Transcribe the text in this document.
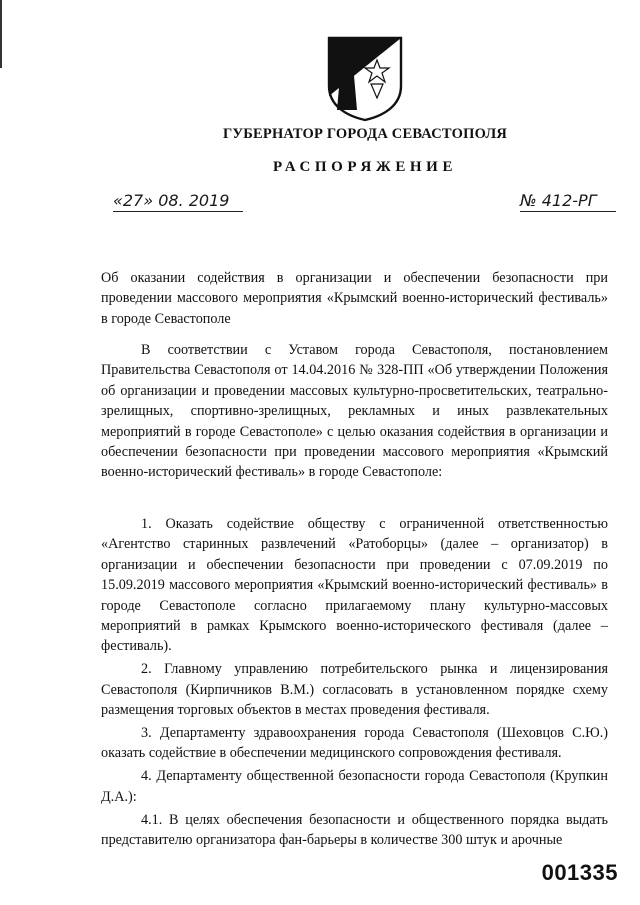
ГУБЕРНАТОР ГОРОДА СЕВАСТОПОЛЯ
РАСПОРЯЖЕНИЕ
«27» 08. 2019	№ 412-РГ

Об оказании содействия в организации и обеспечении безопасности при проведении массового мероприятия «Крымский военно-исторический фестиваль» в городе Севастополе

В соответствии с Уставом города Севастополя, постановлением Правительства Севастополя от 14.04.2016 № 328-ПП «Об утверждении Положения об организации и проведении массовых культурно-просветительских, театрально-зрелищных, спортивно-зрелищных, рекламных и иных развлекательных мероприятий в городе Севастополе» с целью оказания содействия в организации и обеспечении безопасности при проведении массового мероприятия «Крымский военно-исторический фестиваль» в городе Севастополе:

1. Оказать содействие обществу с ограниченной ответственностью «Агентство старинных развлечений «Ратоборцы» (далее – организатор) в организации и обеспечении безопасности при проведении с 07.09.2019 по 15.09.2019 массового мероприятия «Крымский военно-исторический фестиваль» в городе Севастополе согласно прилагаемому плану культурно-массовых мероприятий в рамках Крымского военно-исторического фестиваля (далее – фестиваль).

2. Главному управлению потребительского рынка и лицензирования Севастополя (Кирпичников В.М.) согласовать в установленном порядке схему размещения торговых объектов в местах проведения фестиваля.

3. Департаменту здравоохранения города Севастополя (Шеховцов С.Ю.) оказать содействие в обеспечении медицинского сопровождения фестиваля.

4. Департаменту общественной безопасности города Севастополя (Крупкин Д.А.):

4.1. В целях обеспечения безопасности и общественного порядка выдать представителю организатора фан-барьеры в количестве 300 штук и арочные

001335
